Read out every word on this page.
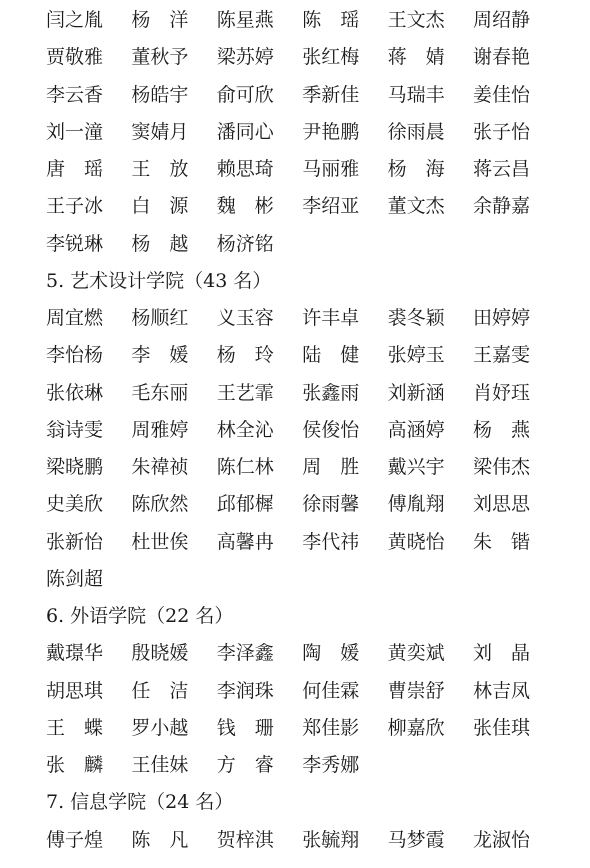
闫之胤 杨　洋 陈星燕 陈　瑶 王文杰 周绍静
贾敬雅 董秋予 梁苏婷 张红梅 蒋　婧 谢春艳
李云香 杨皓宇 俞可欣 季新佳 马瑞丰 姜佳怡
刘一潼 窦婧月 潘同心 尹艳鹏 徐雨晨 张子怡
唐　瑶 王　放 赖思琦 马丽雅 杨　海 蒋云昌
王子冰 白　源 魏　彬 李绍亚 董文杰 余静嘉
李锐琳 杨　越 杨济铭
5. 艺术设计学院（43 名）
周宜燃 杨顺红 义玉容 许丰卓 裘冬颖 田婷婷
李怡杨 李　媛 杨　玲 陆　健 张婷玉 王嘉雯
张依琳 毛东丽 王艺霏 张鑫雨 刘新涵 肖妤珏
翁诗雯 周雅婷 林全沁 侯俊怡 高涵婷 杨　燕
梁晓鹏 朱禕祯 陈仁林 周　胜 戴兴宇 梁伟杰
史美欣 陈欣然 邱郁樨 徐雨馨 傅胤翔 刘思思
张新怡 杜世俟 高馨冉 李代祎 黄晓怡 朱　锴
陈剑超
6. 外语学院（22 名）
戴璟华 殷晓媛 李泽鑫 陶　媛 黄奕斌 刘　晶
胡思琪 任　洁 李润珠 何佳霖 曹崇舒 林吉凤
王　蝶 罗小越 钱　珊 郑佳影 柳嘉欣 张佳琪
张　麟 王佳妹 方　睿 李秀娜
7. 信息学院（24 名）
傅子煌 陈　凡 贺梓淇 张毓翔 马梦霞 龙淑怡
